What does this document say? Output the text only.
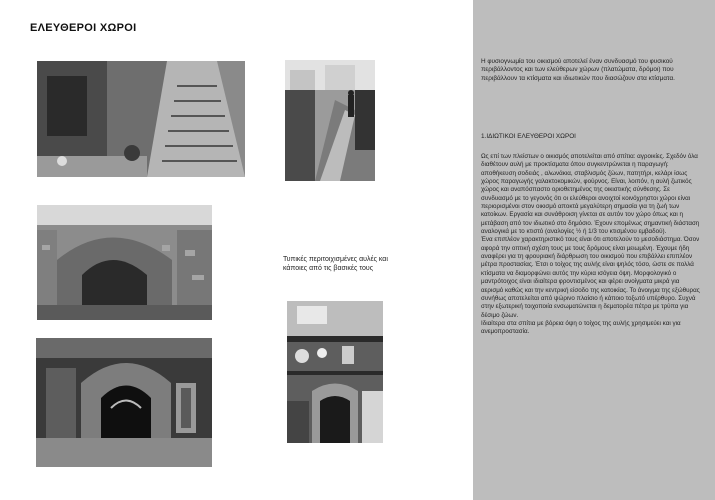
ΕΛΕΥΘΕΡΟΙ ΧΩΡΟΙ
Τυπικές περιτοιχισμένες αυλές και κάποιες από τις βασικές τους
Η φυσιογνωμία του οικισμού αποτελεί έναν συνδυασμό του φυσικού περιβάλλοντος και των ελεύθερων χώρων (πλατώματα, δρόμοι) που περιβάλλουν τα κτίσματα και ιδιωτικών που διασώζουν στα κτίσματα.
1.ΙΔΙΩΤΙΚΟΙ ΕΛΕΥΘΕΡΟΙ ΧΩΡΟΙ

Ως επί των πλείστων ο οικισμός αποτελείται από σπίτια: αγροικίες. Σχεδόν όλα διαθέτουν αυλή με προκτίσματα όπου συγκεντρώνεται η παραγωγή: αποθήκευση σοδειάς , αλωνάκια, σταβλισμός ζώων, πατητήρι, κελάρι ίσως χώρος παραγωγής γαλακτοκομικών, φούρνος. Είναι, λοιπόν, η αυλή ζωτικός χώρος και αναπόσπαστο οριοθετημένος της οικιστικής σύνθεσης. Σε συνδυασμό με το γεγονός ότι οι ελεύθεροι ανοιχτοί κοινόχρηστοι χώροι είναι περιορισμένοι στον οικισμό αποκτά μεγαλύτερη σημασία για τη ζωή των κατοίκων. Εργασία και συνάθροιση γίνεται σε αυτόν τον χώρο όπως και η μετάβαση από τον ιδιωτικό στο δημόσιο. Έχουν επομένως σημαντική διάσταση αναλογικά με το κτιστό (αναλογίες ½ ή 1/3 του κτισμένου εμβαδού).

Ένα επιπλέον χαρακτηριστικό τους είναι ότι αποτελούν το μεσοδιάστημα. Όσον αφορά την οπτική σχέση τους με τους δρόμους είναι μειωμένη. Έχουμε ήδη αναφέρει για τη φρουριακή διάρθρωση του οικισμού που επιβάλλει επιπλέον μέτρα προστασίας. Έτσι ο τοίχος της αυλής είναι ψηλός τόσο, ώστε σε πολλά κτίσματα να διαμορφώνει αυτός την κύρια ισόγεια όψη. Μορφολογικό ο μαντρότοιχος είναι ιδιαίτερα φροντισμένος και φέρει ανοίγματα μικρά για αερισμό καθώς και την κεντρική είσοδο της κατοικίας. Το άνοιγμα της εξώθυρας συνήθως αποτελείται από ψώρινο πλαίσιο ή κάποιο τοξωτό υπέρθυρο. Συχνά στην εξωτερική τοιχοποιία ενσωματώνεται η δεματορέα πέτρα με τρύπα για δέσιμο ζώων.

Ιδιαίτερα στα σπίτια με βόρεια όψη ο τοίχος της αυλής χρησιμεύει και για ανεμοπροστασία.
